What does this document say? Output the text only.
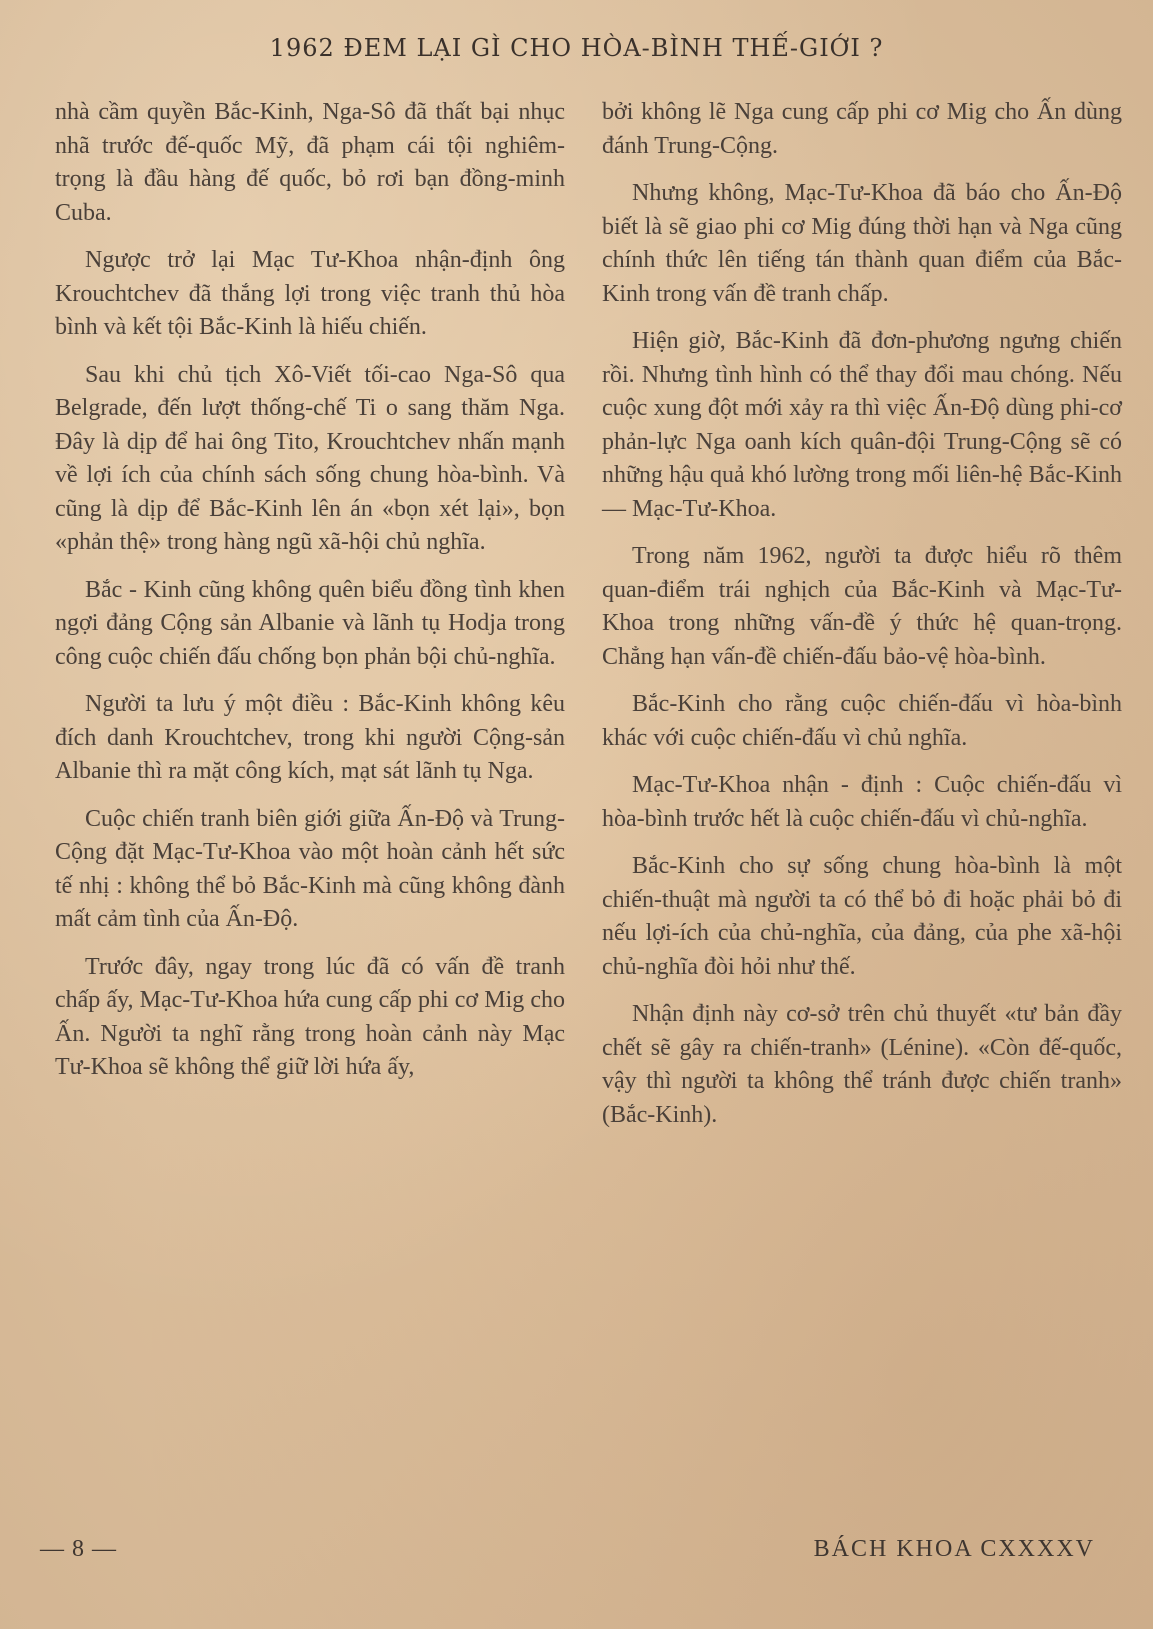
1962 ĐEM LẠI GÌ CHO HÒA-BÌNH THẾ-GIỚI ?

nhà cầm quyền Bắc-Kinh, Nga-Sô đã thất bại nhục nhã trước đế-quốc Mỹ, đã phạm cái tội nghiêm-trọng là đầu hàng đế quốc, bỏ rơi bạn đồng-minh Cuba.

Ngược trở lại Mạc Tư-Khoa nhận-định ông Krouchtchev đã thắng lợi trong việc tranh thủ hòa bình và kết tội Bắc-Kinh là hiếu chiến.

Sau khi chủ tịch Xô-Viết tối-cao Nga-Sô qua Belgrade, đến lượt thống-chế Ti o sang thăm Nga. Đây là dịp để hai ông Tito, Krouchtchev nhấn mạnh về lợi ích của chính sách sống chung hòa-bình. Và cũng là dịp để Bắc-Kinh lên án «bọn xét lại», bọn «phản thệ» trong hàng ngũ xã-hội chủ nghĩa.

Bắc - Kinh cũng không quên biểu đồng tình khen ngợi đảng Cộng sản Albanie và lãnh tụ Hodja trong công cuộc chiến đấu chống bọn phản bội chủ-nghĩa.

Người ta lưu ý một điều : Bắc-Kinh không kêu đích danh Krouchtchev, trong khi người Cộng-sản Albanie thì ra mặt công kích, mạt sát lãnh tụ Nga.

Cuộc chiến tranh biên giới giữa Ấn-Độ và Trung-Cộng đặt Mạc-Tư-Khoa vào một hoàn cảnh hết sức tế nhị : không thể bỏ Bắc-Kinh mà cũng không đành mất cảm tình của Ấn-Độ.

Trước đây, ngay trong lúc đã có vấn đề tranh chấp ấy, Mạc-Tư-Khoa hứa cung cấp phi cơ Mig cho Ấn. Người ta nghĩ rằng trong hoàn cảnh này Mạc Tư-Khoa sẽ không thể giữ lời hứa ấy,

bởi không lẽ Nga cung cấp phi cơ Mig cho Ấn dùng đánh Trung-Cộng.

Nhưng không, Mạc-Tư-Khoa đã báo cho Ấn-Độ biết là sẽ giao phi cơ Mig đúng thời hạn và Nga cũng chính thức lên tiếng tán thành quan điểm của Bắc-Kinh trong vấn đề tranh chấp.

Hiện giờ, Bắc-Kinh đã đơn-phương ngưng chiến rồi. Nhưng tình hình có thể thay đổi mau chóng. Nếu cuộc xung đột mới xảy ra thì việc Ấn-Độ dùng phi-cơ phản-lực Nga oanh kích quân-đội Trung-Cộng sẽ có những hậu quả khó lường trong mối liên-hệ Bắc-Kinh — Mạc-Tư-Khoa.

Trong năm 1962, người ta được hiểu rõ thêm quan-điểm trái nghịch của Bắc-Kinh và Mạc-Tư-Khoa trong những vấn-đề ý thức hệ quan-trọng. Chẳng hạn vấn-đề chiến-đấu bảo-vệ hòa-bình.

Bắc-Kinh cho rằng cuộc chiến-đấu vì hòa-bình khác với cuộc chiến-đấu vì chủ nghĩa.

Mạc-Tư-Khoa nhận - định : Cuộc chiến-đấu vì hòa-bình trước hết là cuộc chiến-đấu vì chủ-nghĩa.

Bắc-Kinh cho sự sống chung hòa-bình là một chiến-thuật mà người ta có thể bỏ đi hoặc phải bỏ đi nếu lợi-ích của chủ-nghĩa, của đảng, của phe xã-hội chủ-nghĩa đòi hỏi như thế.

Nhận định này cơ-sở trên chủ thuyết «tư bản đầy chết sẽ gây ra chiến-tranh» (Lénine). «Còn đế-quốc, vậy thì người ta không thể tránh được chiến tranh» (Bắc-Kinh).

— 8 —	BÁCH KHOA CXXXXV
